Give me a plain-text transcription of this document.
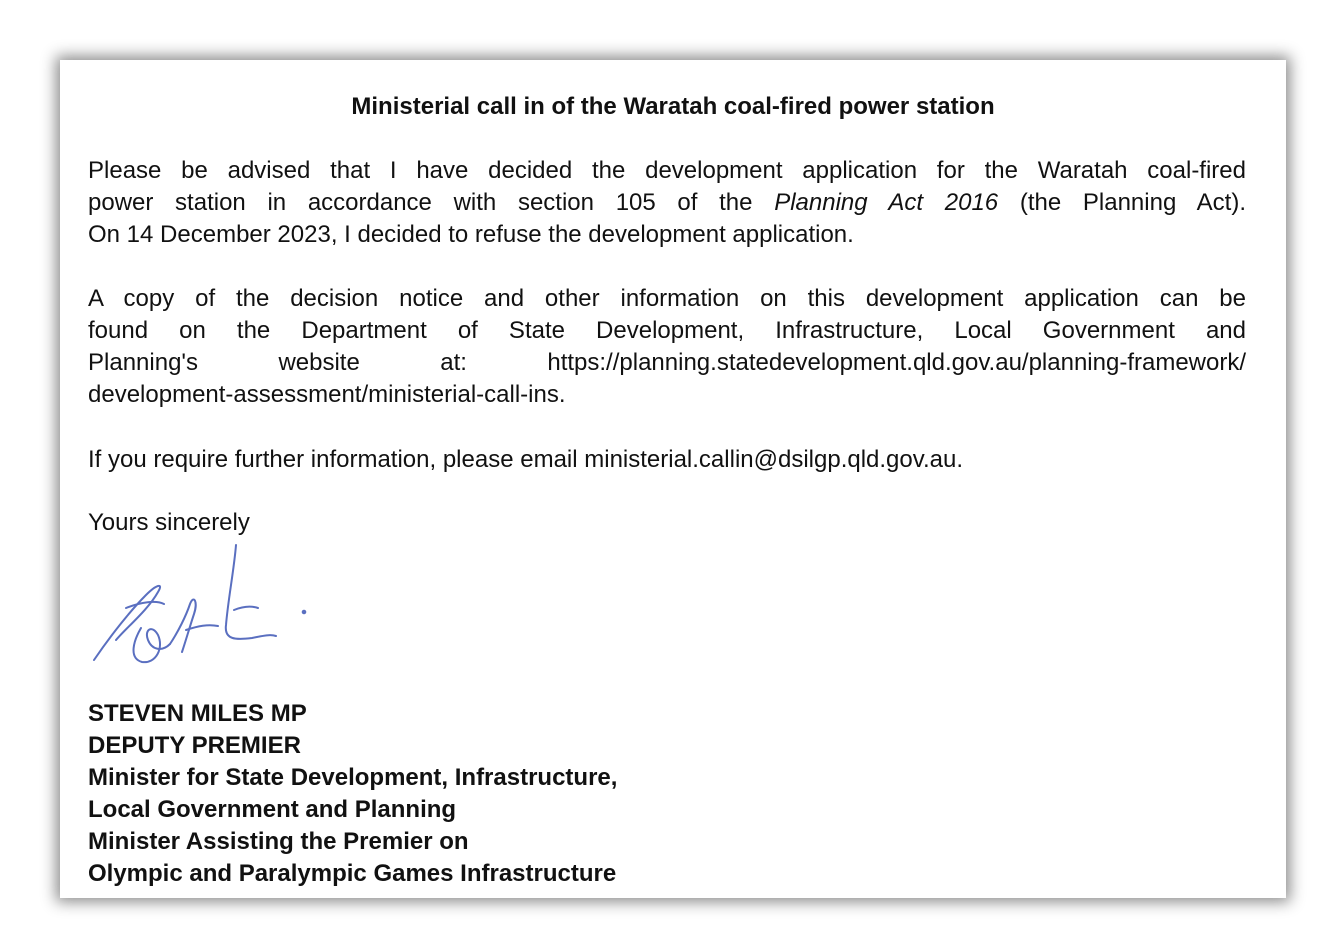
Ministerial call in of the Waratah coal-fired power station

Please be advised that I have decided the development application for the Waratah coal-fired
power station in accordance with section 105 of the Planning Act 2016 (the Planning Act).
On 14 December 2023, I decided to refuse the development application.

A copy of the decision notice and other information on this development application can be
found on the Department of State Development, Infrastructure, Local Government and
Planning's	website	at: https://planning.statedevelopment.qld.gov.au/planning-framework/
development-assessment/ministerial-call-ins.

If you require further information, please email ministerial.callin@dsilgp.qld.gov.au.

Yours sincerely

STEVEN MILES MP
DEPUTY PREMIER
Minister for State Development, Infrastructure,
Local Government and Planning
Minister Assisting the Premier on
Olympic and Paralympic Games Infrastructure
